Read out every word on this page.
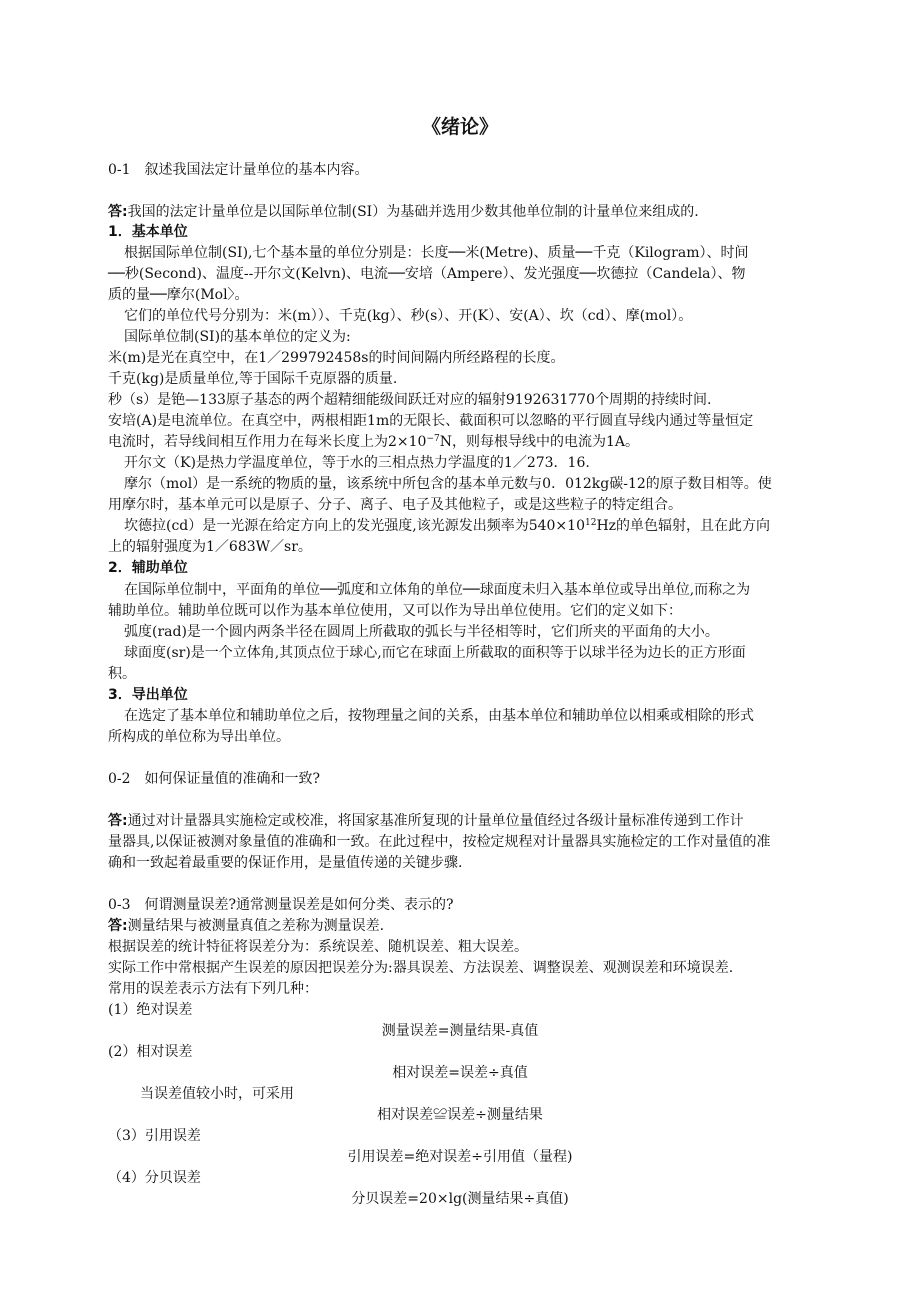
《绪论》

0-1　叙述我国法定计量单位的基本内容。

答:我国的法定计量单位是以国际单位制(SI）为基础并选用少数其他单位制的计量单位来组成的.

1．基本单位

根据国际单位制(SI),七个基本量的单位分别是：长度──米(Metre)、质量──千克（Kilogram）、时间

──秒(Second)、温度--开尔文(Kelvn)、电流──安培（Ampere）、发光强度──坎德拉（Candela）、物

质的量──摩尔(Mol〉。

它们的单位代号分别为：米(m））、千克(kg）、秒(s）、开(K）、安(A）、坎（cd）、摩(mol）。

国际单位制(SI)的基本单位的定义为:

米(m)是光在真空中，在1／299792458s的时间间隔内所经路程的长度。

千克(kg)是质量单位,等于国际千克原器的质量.

秒（s）是铯—133原子基态的两个超精细能级间跃迁对应的辐射9192631770个周期的持续时间.

安培(A)是电流单位。在真空中，两根相距1m的无限长、截面积可以忽略的平行圆直导线内通过等量恒定

电流时，若导线间相互作用力在每米长度上为$2\times 10^{-7}N$，则每根导线中的电流为1A。

开尔文（K)是热力学温度单位，等于水的三相点热力学温度的1／273．16.

摩尔（mol）是一系统的物质的量，该系统中所包含的基本单元数与0．012kg碳-12的原子数目相等。使

用摩尔时，基本单元可以是原子、分子、离子、电子及其他粒子，或是这些粒子的特定组合。

坎德拉(cd）是一光源在给定方向上的发光强度,该光源发出频率为$540\times 10^{12}Hz$的单色辐射，且在此方向

上的辐射强度为1／683W／sr。

2．辅助单位

在国际单位制中，平面角的单位──弧度和立体角的单位──球面度未归入基本单位或导出单位,而称之为

辅助单位。辅助单位既可以作为基本单位使用，又可以作为导出单位使用。它们的定义如下：

弧度(rad)是一个圆内两条半径在圆周上所截取的弧长与半径相等时，它们所夹的平面角的大小。

球面度(sr)是一个立体角,其顶点位于球心,而它在球面上所截取的面积等于以球半径为边长的正方形面

积。

3．导出单位

在选定了基本单位和辅助单位之后，按物理量之间的关系，由基本单位和辅助单位以相乘或相除的形式

所构成的单位称为导出单位。

0-2　如何保证量值的准确和一致?

答:通过对计量器具实施检定或校准，将国家基准所复现的计量单位量值经过各级计量标准传递到工作计

量器具,以保证被测对象量值的准确和一致。在此过程中，按检定规程对计量器具实施检定的工作对量值的准

确和一致起着最重要的保证作用，是量值传递的关键步骤.

0-3　何谓测量误差?通常测量误差是如何分类、表示的?

答:测量结果与被测量真值之差称为测量误差.

根据误差的统计特征将误差分为：系统误差、随机误差、粗大误差。

实际工作中常根据产生误差的原因把误差分为:器具误差、方法误差、调整误差、观测误差和环境误差.

常用的误差表示方法有下列几种：

(1）绝对误差

测量误差=测量结果-真值

(2）相对误差

相对误差=误差÷真值

当误差值较小时，可采用

相对误差≌误差÷测量结果

（3）引用误差

引用误差=绝对误差÷引用值（量程)

（4）分贝误差

分贝误差=20×lg(测量结果÷真值)
